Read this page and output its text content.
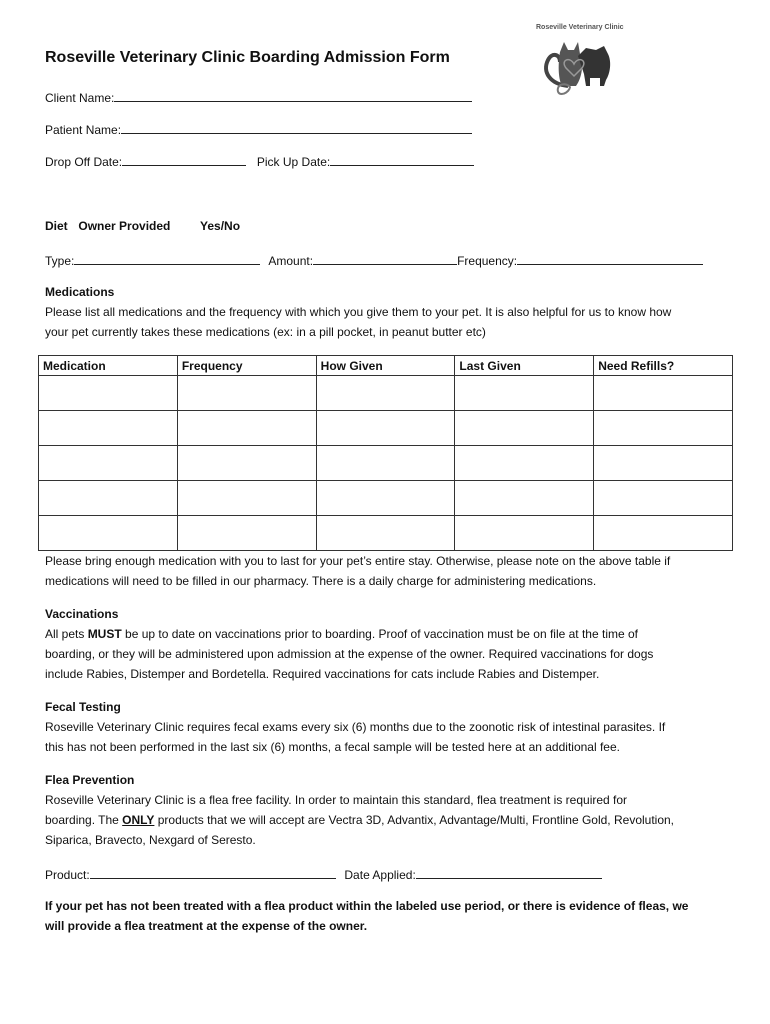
Roseville Veterinary Clinic
Roseville Veterinary Clinic Boarding Admission Form
Client Name:
Patient Name:
Drop Off Date:	Pick Up Date:
Diet Owner Provided Yes/No
Type:	Amount:	Frequency:
Medications
Please list all medications and the frequency with which you give them to your pet. It is also helpful for us to know how
your pet currently takes these medications (ex: in a pill pocket, in peanut butter etc)
Medication	Frequency	How Given	Last Given	Need Refills?

Please bring enough medication with you to last for your pet’s entire stay. Otherwise, please note on the above table if
medications will need to be filled in our pharmacy. There is a daily charge for administering medications.
Vaccinations
All pets MUST be up to date on vaccinations prior to boarding. Proof of vaccination must be on file at the time of
boarding, or they will be administered upon admission at the expense of the owner. Required vaccinations for dogs
include Rabies, Distemper and Bordetella. Required vaccinations for cats include Rabies and Distemper.
Fecal Testing
Roseville Veterinary Clinic requires fecal exams every six (6) months due to the zoonotic risk of intestinal parasites. If
this has not been performed in the last six (6) months, a fecal sample will be tested here at an additional fee.
Flea Prevention
Roseville Veterinary Clinic is a flea free facility. In order to maintain this standard, flea treatment is required for
boarding. The ONLY products that we will accept are Vectra 3D, Advantix, Advantage/Multi, Frontline Gold, Revolution,
Siparica, Bravecto, Nexgard of Seresto.
Product:	Date Applied:
If your pet has not been treated with a flea product within the labeled use period, or there is evidence of fleas, we
will provide a flea treatment at the expense of the owner.
